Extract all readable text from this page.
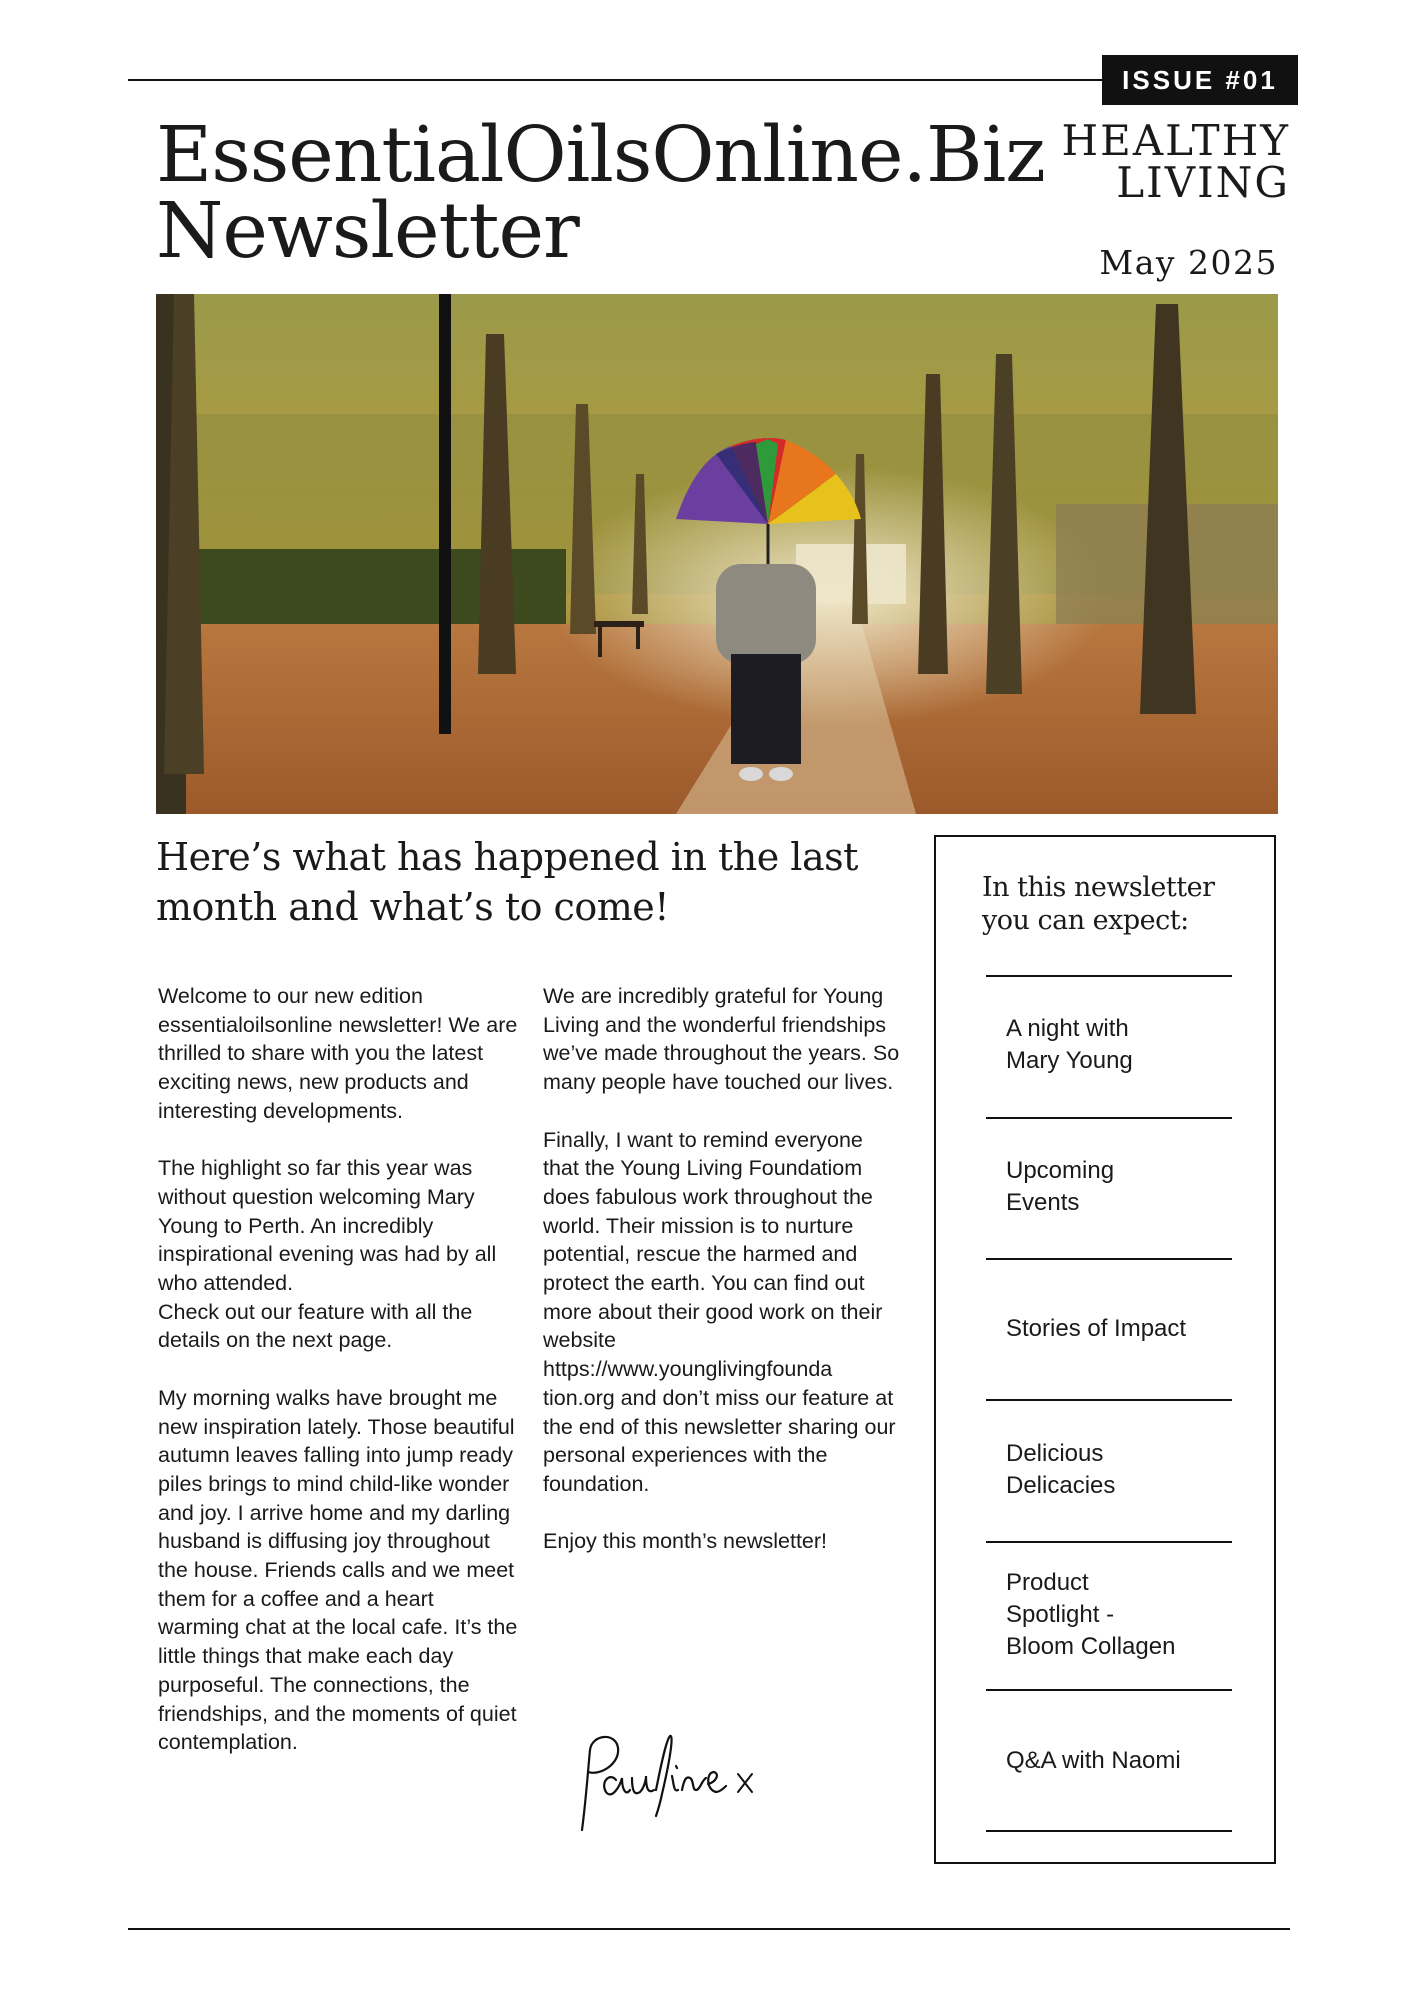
ISSUE #01
EssentialOilsOnline.Biz
Newsletter
HEALTHY
LIVING
May 2025
Here’s what has happened in the last month and what’s to come!
Welcome to our new edition essentialoilsonline newsletter! We are thrilled to share with you the latest exciting news, new products and interesting developments.

The highlight so far this year was without question welcoming Mary Young to Perth. An incredibly inspirational evening was had by all who attended.
Check out our feature with all the details on the next page.

My morning walks have brought me new inspiration lately. Those beautiful autumn leaves falling into jump ready piles brings to mind child-like wonder and joy. I arrive home and my darling husband is diffusing joy throughout the house. Friends calls and we meet them for a coffee and a heart warming chat at the local cafe. It’s the little things that make each day purposeful. The connections, the friendships, and the moments of quiet contemplation.
We are incredibly grateful for Young Living and the wonderful friendships we’ve made throughout the years. So many people have touched our lives.

Finally, I want to remind everyone that the Young Living Foundatiom does fabulous work throughout the world. Their mission is to nurture potential, rescue the harmed and protect the earth. You can find out more about their good work on their website https://www.younglivingfounda tion.org and don’t miss our feature at the end of this newsletter sharing our personal experiences with the foundation.

Enjoy this month’s newsletter!
In this newsletter you can expect:
A night with
Mary Young
Upcoming
Events
Stories of Impact
Delicious
Delicacies
Product
Spotlight -
Bloom Collagen
Q&A with Naomi
